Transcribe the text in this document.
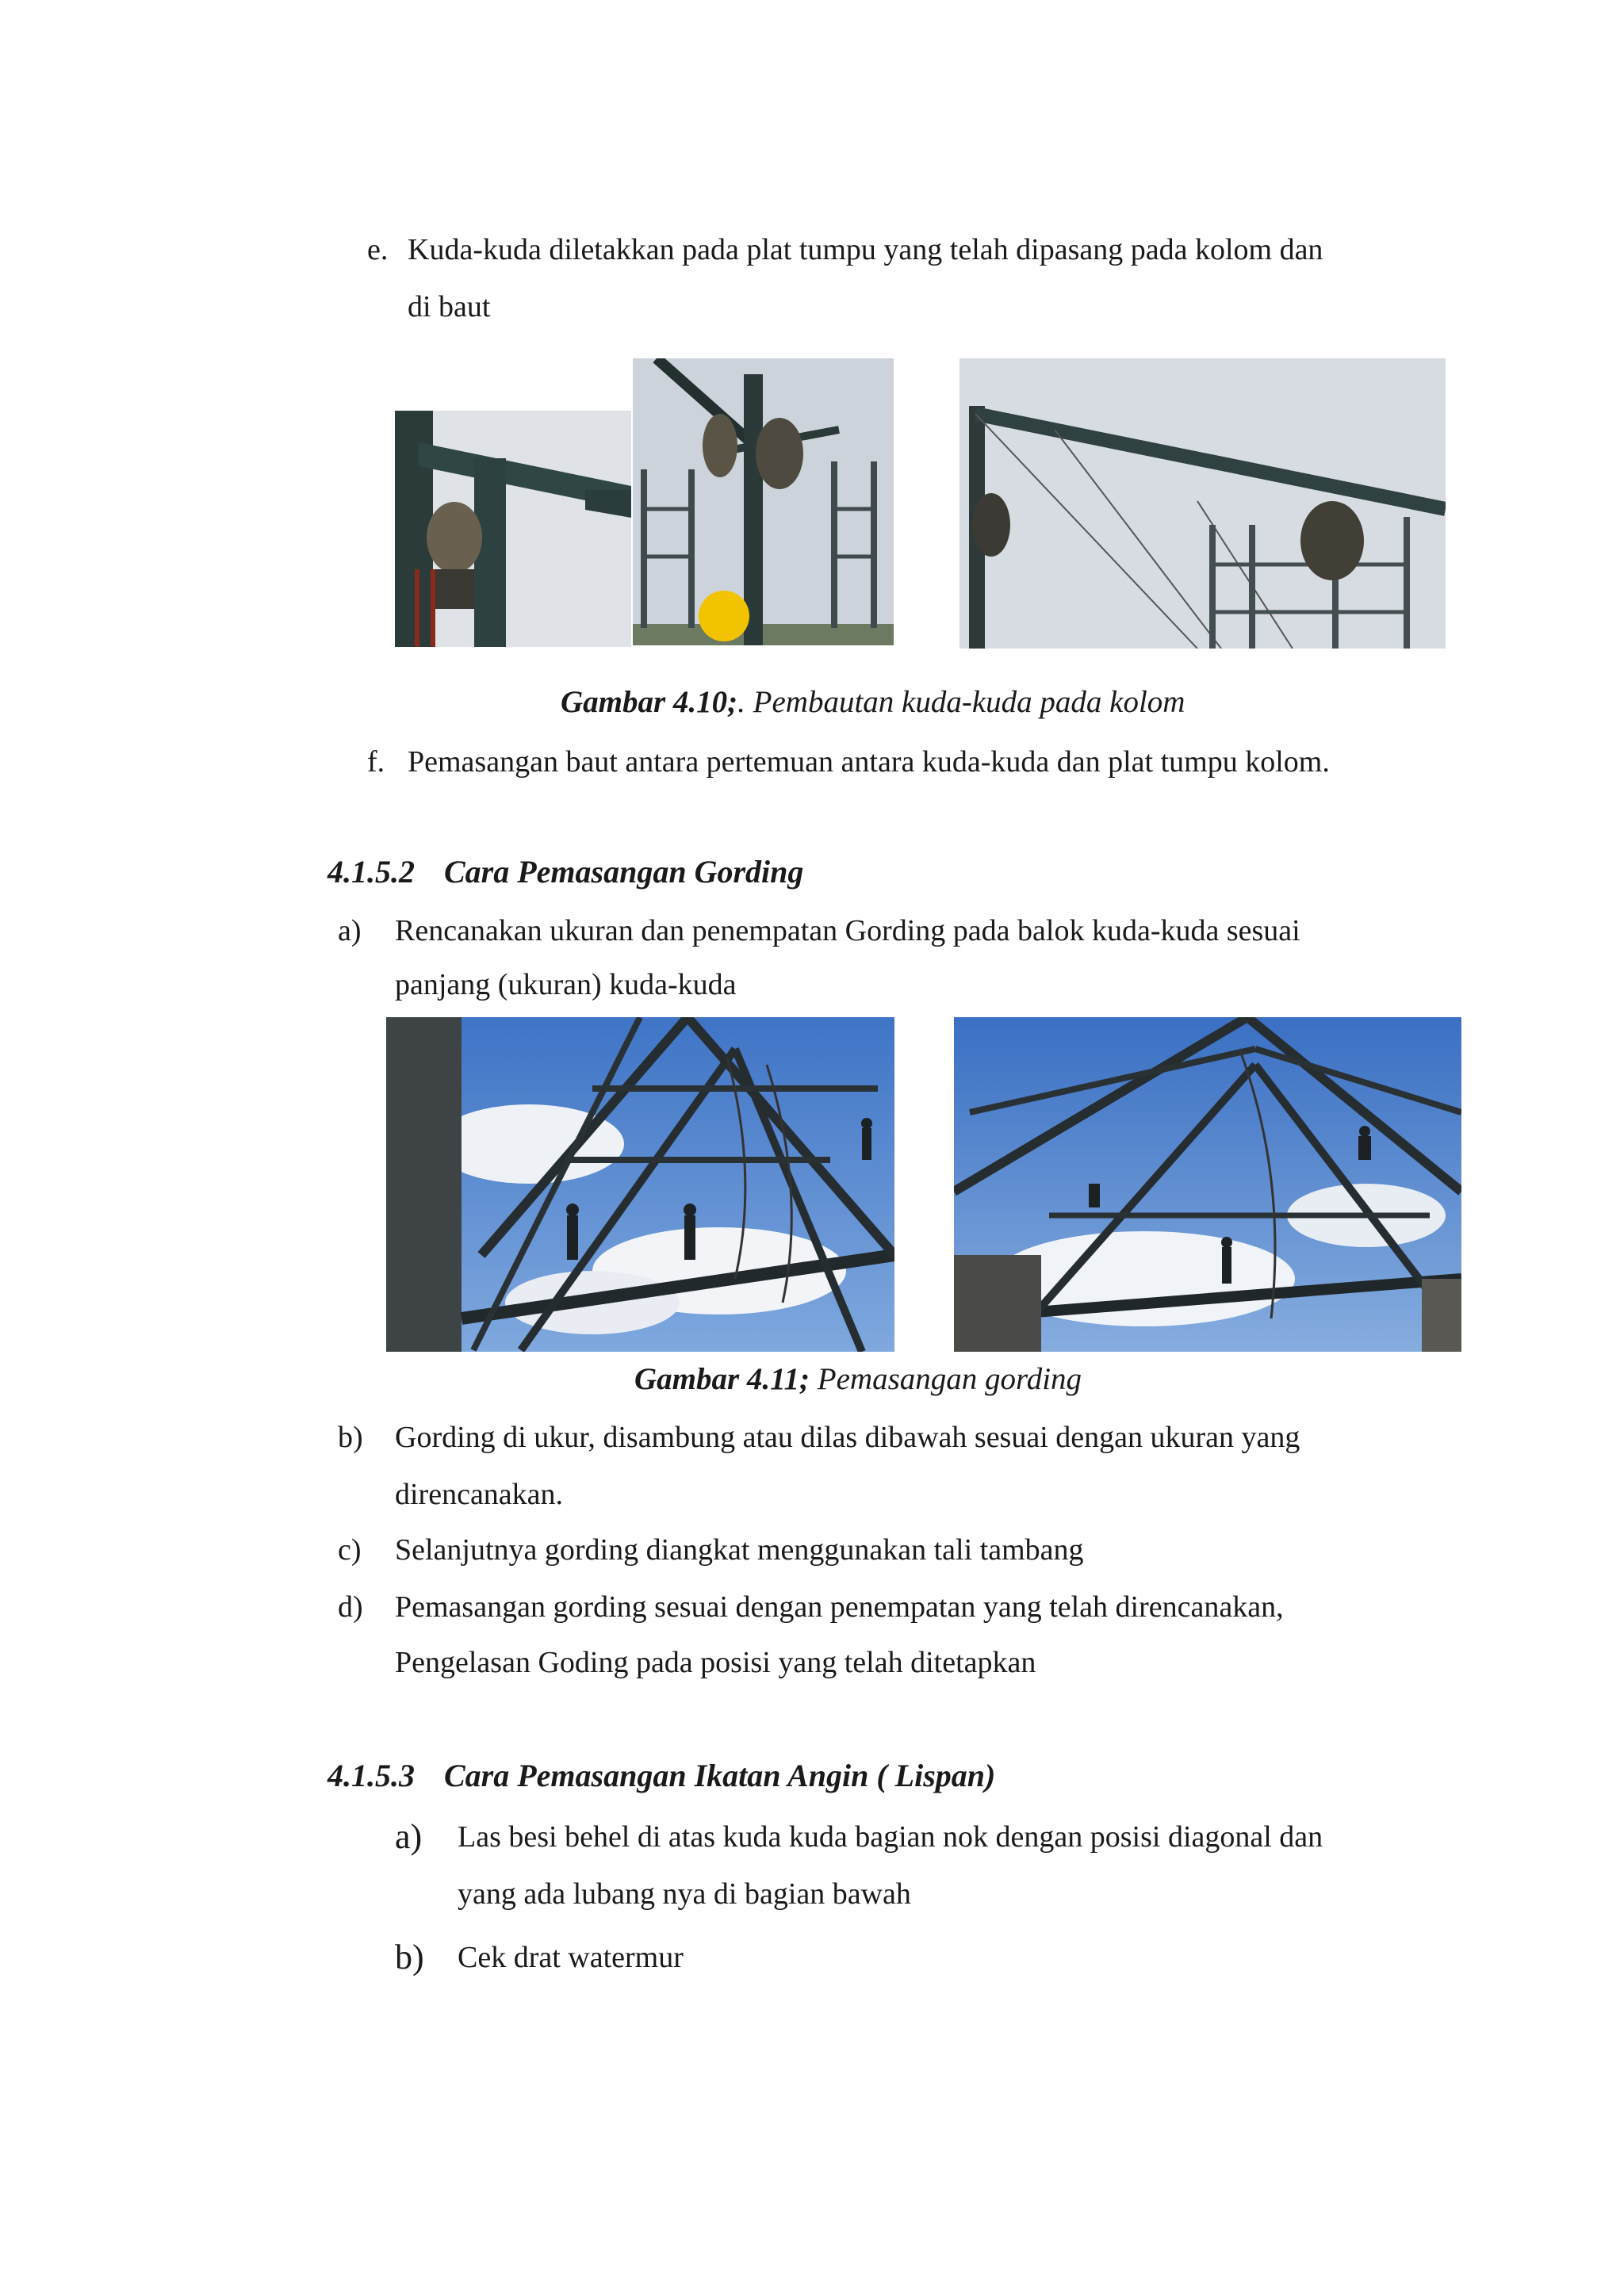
e. Kuda-kuda diletakkan pada plat tumpu yang telah dipasang pada kolom dan
di baut
Gambar 4.10;. Pembautan kuda-kuda pada kolom
f. Pemasangan baut antara pertemuan antara kuda-kuda dan plat tumpu kolom.
4.1.5.2 Cara Pemasangan Gording
a) Rencanakan ukuran dan penempatan Gording pada balok kuda-kuda sesuai
panjang (ukuran) kuda-kuda
Gambar 4.11; Pemasangan gording
b) Gording di ukur, disambung atau dilas dibawah sesuai dengan ukuran yang
direncanakan.
c) Selanjutnya gording diangkat menggunakan tali tambang
d) Pemasangan gording sesuai dengan penempatan yang telah direncanakan,
Pengelasan Goding pada posisi yang telah ditetapkan
4.1.5.3 Cara Pemasangan Ikatan Angin ( Lispan)
a) Las besi behel di atas kuda kuda bagian nok dengan posisi diagonal dan
yang ada lubang nya di bagian bawah
b) Cek drat watermur
